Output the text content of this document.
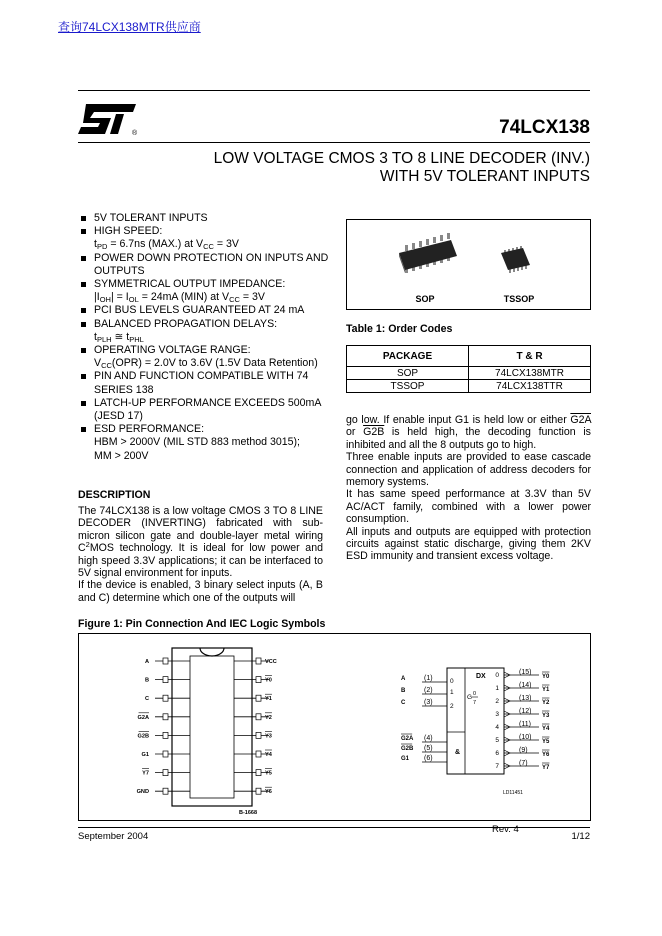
查询74LCX138MTR供应商
®	74LCX138
LOW VOLTAGE CMOS 3 TO 8 LINE DECODER (INV.)
WITH 5V TOLERANT INPUTS
5V TOLERANT INPUTS
HIGH SPEED:
$t_{PD} = 6.7ns$ (MAX.) at $V_{CC} = 3V$
POWER DOWN PROTECTION ON INPUTS AND OUTPUTS
SYMMETRICAL OUTPUT IMPEDANCE:
$|I_{OH}| = I_{OL} = 24mA$ (MIN) at $V_{CC} = 3V$
PCI BUS LEVELS GUARANTEED AT 24 mA
BALANCED PROPAGATION DELAYS:
$t_{PLH}$ ≅ $t_{PHL}$
OPERATING VOLTAGE RANGE:
$V_{CC}(OPR) = 2.0V$ to 3.6V (1.5V Data Retention)
PIN AND FUNCTION COMPATIBLE WITH 74 SERIES 138
LATCH-UP PERFORMANCE EXCEEDS 500mA (JESD 17)
ESD PERFORMANCE:
HBM > 2000V (MIL STD 883 method 3015);
MM > 200V
DESCRIPTION
The 74LCX138 is a low voltage CMOS 3 TO 8 LINE DECODER (INVERTING) fabricated with sub-micron silicon gate and double-layer metal wiring $C^2MOS$ technology. It is ideal for low power and high speed 3.3V applications; it can be interfaced to 5V signal environment for inputs.
If the device is enabled, 3 binary select inputs (A, B and C) determine which one of the outputs will
go low. If enable input G1 is held low or either G2A or G2B is held high, the decoding function is inhibited and all the 8 outputs go to high.
Three enable inputs are provided to ease cascade connection and application of address decoders for memory systems.
It has same speed performance at 3.3V than 5V AC/ACT family, combined with a lower power consumption.
All inputs and outputs are equipped with protection circuits against static discharge, giving them 2KV ESD immunity and transient excess voltage.
SOP	TSSOP
Table 1: Order Codes
PACKAGE	T & R
SOP	74LCX138MTR
TSSOP	74LCX138TTR
Figure 1: Pin Connection And IEC Logic Symbols
A
B
C
G2A
G2B
G1
Y7
GND
VCC
Y0
Y1
Y2
Y3
Y4
Y5
Y6
B-1668
DX
0
1
2
G 0
7
&
A	(1)
B	(2)
C	(3)
G2A (4)
G2B (5)
G1 (6)
0	(15)
Y0
1	(14)
Y1
2	(13)
Y2
3	(12)
Y3
4	(11)
Y4
5	(10)
Y5
6	(9)
Y6
7	(7)
Y7
LD11451
Rev. 4
September 2004	1/12
